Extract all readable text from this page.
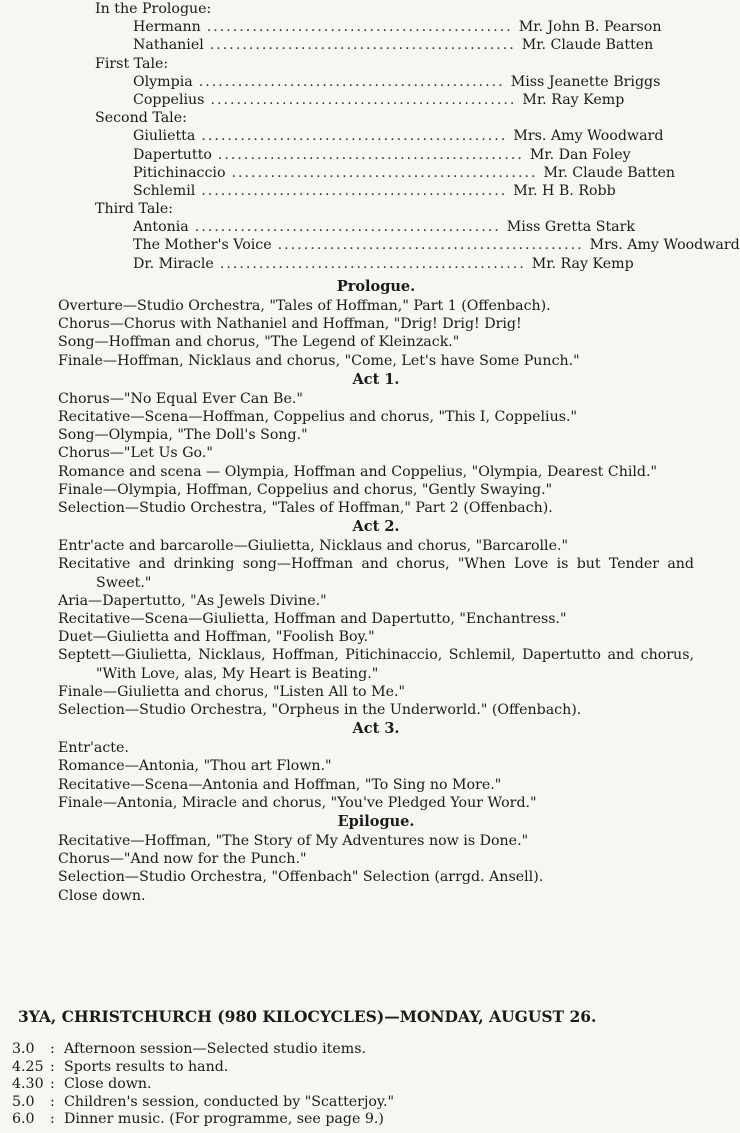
In the Prologue:
Hermann ............................................... Mr. John B. Pearson
Nathaniel ............................................... Mr. Claude Batten
First Tale:
Olympia ............................................... Miss Jeanette Briggs
Coppelius ............................................... Mr. Ray Kemp
Second Tale:
Giulietta ............................................... Mrs. Amy Woodward
Dapertutto ............................................... Mr. Dan Foley
Pitichinaccio ............................................... Mr. Claude Batten
Schlemil ............................................... Mr. H B. Robb
Third Tale:
Antonia ............................................... Miss Gretta Stark
The Mother's Voice ............................................... Mrs. Amy Woodward
Dr. Miracle ............................................... Mr. Ray Kemp
Prologue.
Overture—Studio Orchestra, "Tales of Hoffman," Part 1 (Offenbach).
Chorus—Chorus with Nathaniel and Hoffman, "Drig! Drig! Drig!
Song—Hoffman and chorus, "The Legend of Kleinzack."
Finale—Hoffman, Nicklaus and chorus, "Come, Let's have Some Punch."
Act 1.
Chorus—"No Equal Ever Can Be."
Recitative—Scena—Hoffman, Coppelius and chorus, "This I, Coppelius."
Song—Olympia, "The Doll's Song."
Chorus—"Let Us Go."
Romance and scena — Olympia, Hoffman and Coppelius, "Olympia, Dearest Child."
Finale—Olympia, Hoffman, Coppelius and chorus, "Gently Swaying."
Selection—Studio Orchestra, "Tales of Hoffman," Part 2 (Offenbach).
Act 2.
Entr'acte and barcarolle—Giulietta, Nicklaus and chorus, "Barcarolle."
Recitative and drinking song—Hoffman and chorus, "When Love is but Tender and Sweet."
Aria—Dapertutto, "As Jewels Divine."
Recitative—Scena—Giulietta, Hoffman and Dapertutto, "Enchantress."
Duet—Giulietta and Hoffman, "Foolish Boy."
Septett—Giulietta, Nicklaus, Hoffman, Pitichinaccio, Schlemil, Dapertutto and chorus, "With Love, alas, My Heart is Beating."
Finale—Giulietta and chorus, "Listen All to Me."
Selection—Studio Orchestra, "Orpheus in the Underworld." (Offenbach).
Act 3.
Entr'acte.
Romance—Antonia, "Thou art Flown."
Recitative—Scena—Antonia and Hoffman, "To Sing no More."
Finale—Antonia, Miracle and chorus, "You've Pledged Your Word."
Epilogue.
Recitative—Hoffman, "The Story of My Adventures now is Done."
Chorus—"And now for the Punch."
Selection—Studio Orchestra, "Offenbach" Selection (arrgd. Ansell).
Close down.
3YA, CHRISTCHURCH (980 KILOCYCLES)—MONDAY, AUGUST 26.
3.0	: Afternoon session—Selected studio items.
4.25 : Sports results to hand.
4.30 : Close down.
5.0	: Children's session, conducted by "Scatterjoy."
6.0	: Dinner music. (For programme, see page 9.)
